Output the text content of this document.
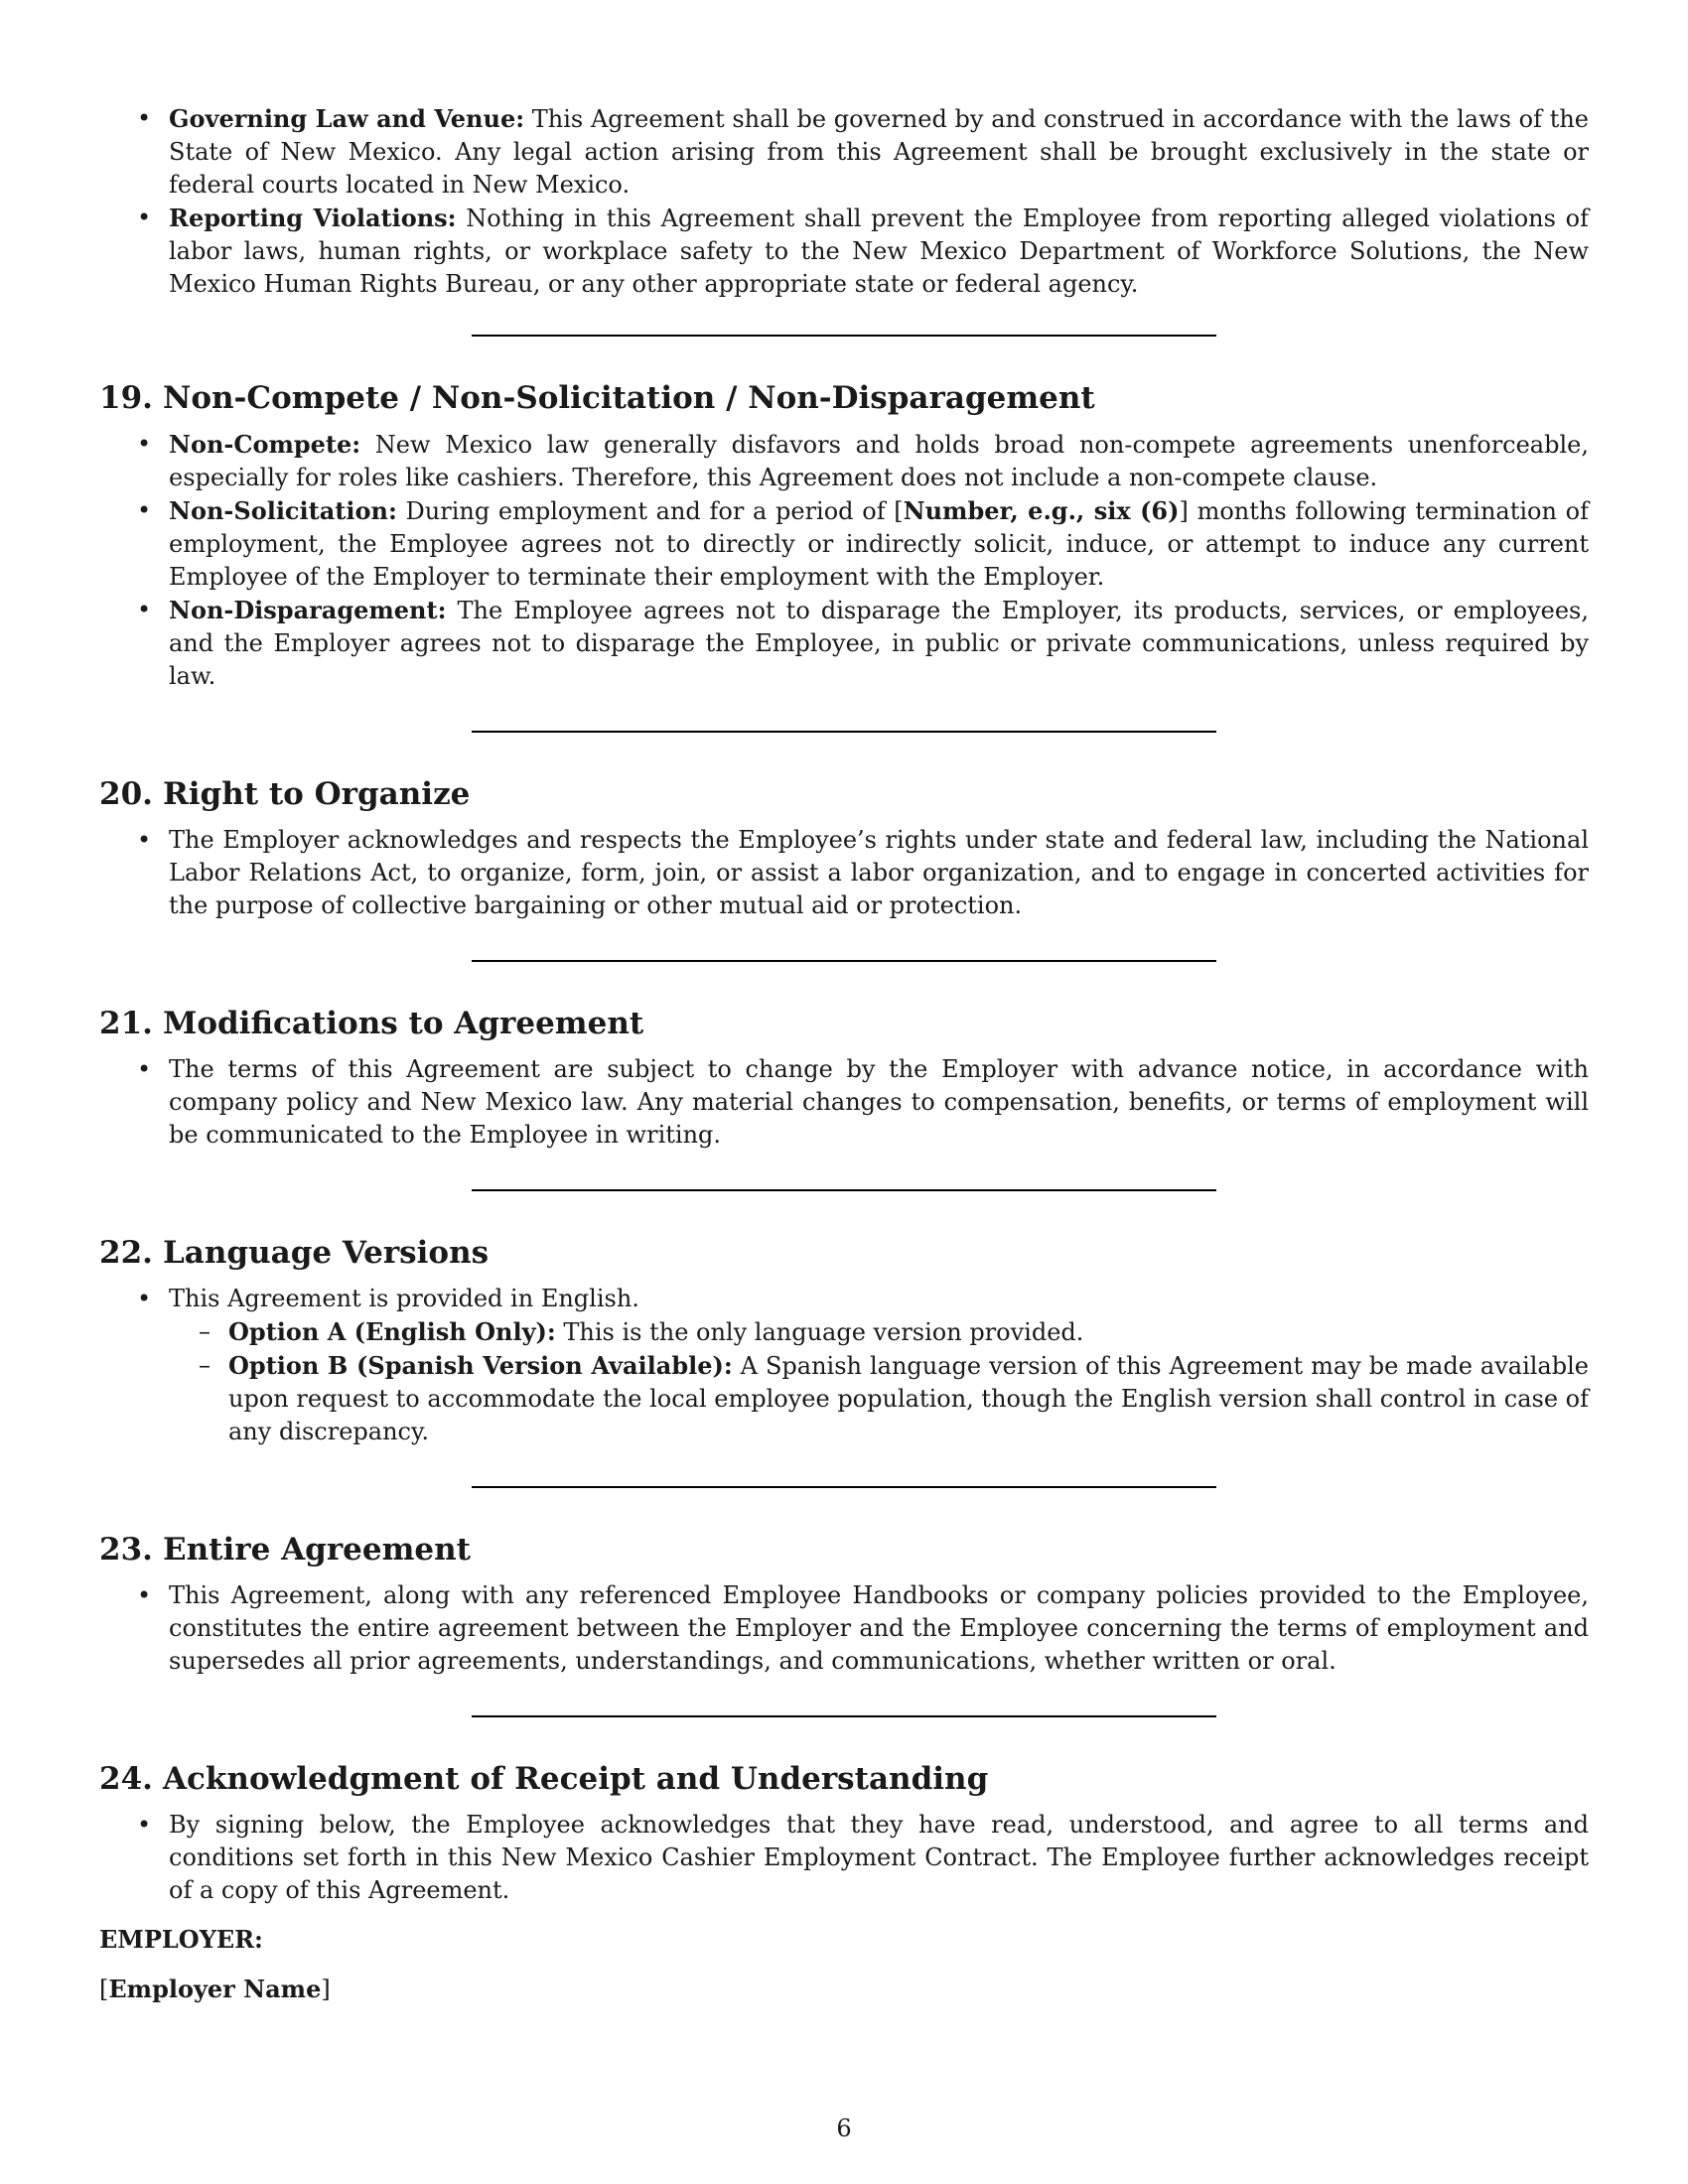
• Governing Law and Venue: This Agreement shall be governed by and construed in accordance with the laws of the State of New Mexico. Any legal action arising from this Agreement shall be brought exclusively in the state or federal courts located in New Mexico.
• Reporting Violations: Nothing in this Agreement shall prevent the Employee from reporting alleged violations of labor laws, human rights, or workplace safety to the New Mexico Department of Workforce Solutions, the New Mexico Human Rights Bureau, or any other appropriate state or federal agency.
19. Non-Compete / Non-Solicitation / Non-Disparagement
• Non-Compete: New Mexico law generally disfavors and holds broad non-compete agreements unenforceable, especially for roles like cashiers. Therefore, this Agreement does not include a non-compete clause.
• Non-Solicitation: During employment and for a period of [Number, e.g., six (6)] months following termination of employment, the Employee agrees not to directly or indirectly solicit, induce, or attempt to induce any current Employee of the Employer to terminate their employment with the Employer.
• Non-Disparagement: The Employee agrees not to disparage the Employer, its products, services, or employees, and the Employer agrees not to disparage the Employee, in public or private communications, unless required by law.
20. Right to Organize
• The Employer acknowledges and respects the Employee’s rights under state and federal law, including the National Labor Relations Act, to organize, form, join, or assist a labor organization, and to engage in concerted activities for the purpose of collective bargaining or other mutual aid or protection.
21. Modifications to Agreement
• The terms of this Agreement are subject to change by the Employer with advance notice, in accordance with company policy and New Mexico law. Any material changes to compensation, benefits, or terms of employment will be communicated to the Employee in writing.
22. Language Versions
• This Agreement is provided in English.
– Option A (English Only): This is the only language version provided.
– Option B (Spanish Version Available): A Spanish language version of this Agreement may be made available upon request to accommodate the local employee population, though the English version shall control in case of any discrepancy.
23. Entire Agreement
• This Agreement, along with any referenced Employee Handbooks or company policies provided to the Employee, constitutes the entire agreement between the Employer and the Employee concerning the terms of employment and supersedes all prior agreements, understandings, and communications, whether written or oral.
24. Acknowledgment of Receipt and Understanding
• By signing below, the Employee acknowledges that they have read, understood, and agree to all terms and conditions set forth in this New Mexico Cashier Employment Contract. The Employee further acknowledges receipt of a copy of this Agreement.
EMPLOYER:
[Employer Name]
6
